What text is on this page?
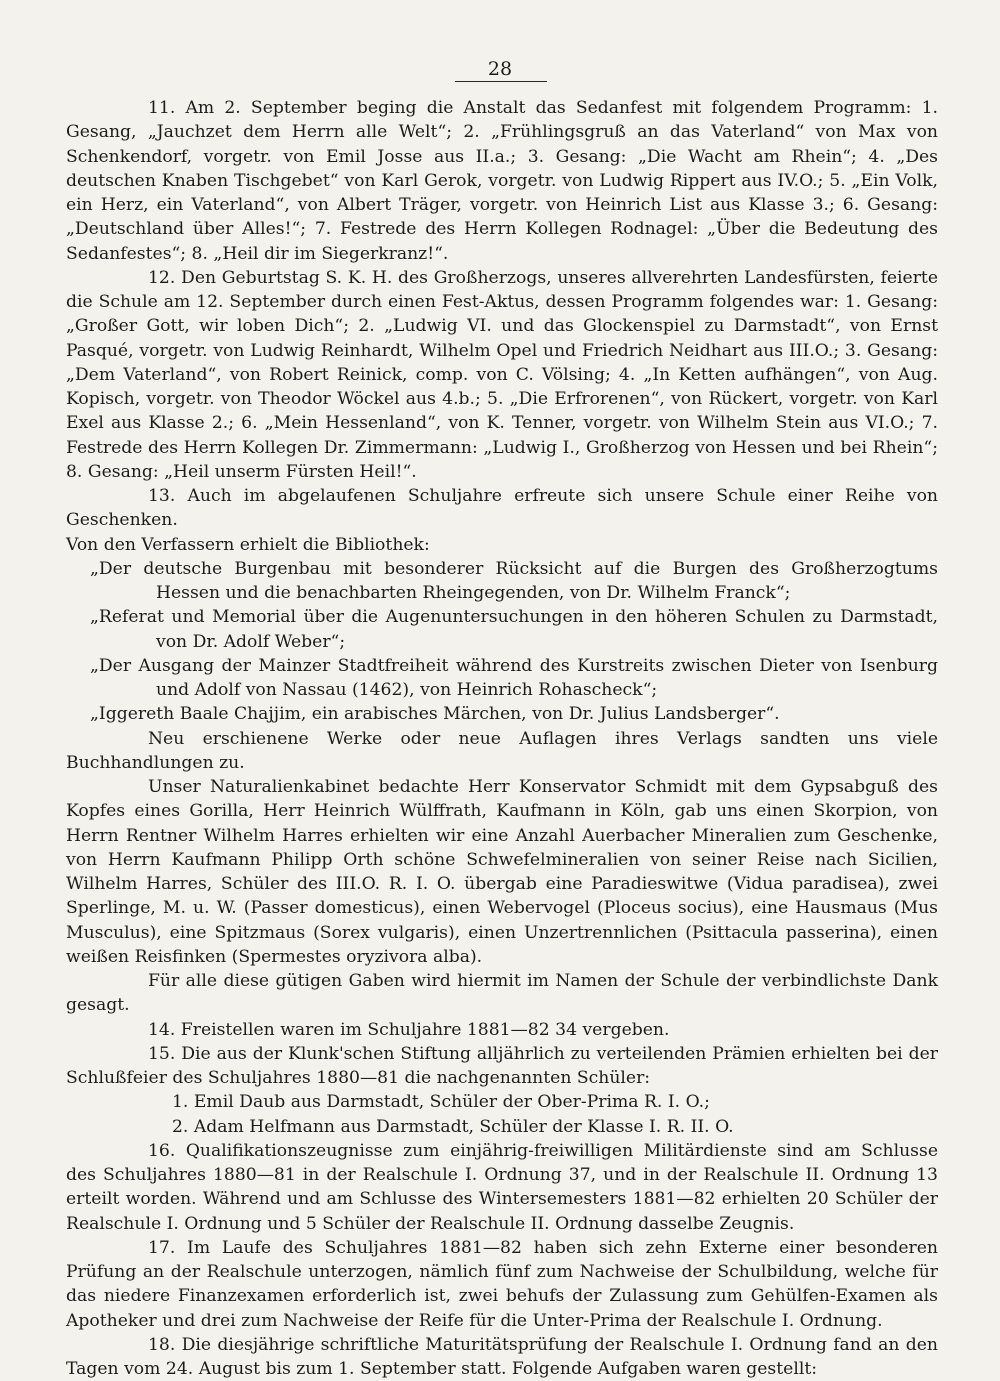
28

11. Am 2. September beging die Anstalt das Sedanfest mit folgendem Programm: 1. Gesang, „Jauchzet dem Herrn alle Welt“; 2. „Frühlingsgruß an das Vaterland“ von Max von Schenkendorf, vorgetr. von Emil Josse aus II.a.; 3. Gesang: „Die Wacht am Rhein“; 4. „Des deutschen Knaben Tischgebet“ von Karl Gerok, vorgetr. von Ludwig Rippert aus IV.O.; 5. „Ein Volk, ein Herz, ein Vaterland“, von Albert Träger, vorgetr. von Heinrich List aus Klasse 3.; 6. Gesang: „Deutschland über Alles!“; 7. Festrede des Herrn Kollegen Rodnagel: „Über die Bedeutung des Sedanfestes“; 8. „Heil dir im Siegerkranz!“.

12. Den Geburtstag S. K. H. des Großherzogs, unseres allverehrten Landesfürsten, feierte die Schule am 12. September durch einen Fest-Aktus, dessen Programm folgendes war: 1. Gesang: „Großer Gott, wir loben Dich“; 2. „Ludwig VI. und das Glockenspiel zu Darmstadt“, von Ernst Pasqué, vorgetr. von Ludwig Reinhardt, Wilhelm Opel und Friedrich Neidhart aus III.O.; 3. Gesang: „Dem Vaterland“, von Robert Reinick, comp. von C. Völsing; 4. „In Ketten aufhängen“, von Aug. Kopisch, vorgetr. von Theodor Wöckel aus 4.b.; 5. „Die Erfrorenen“, von Rückert, vorgetr. von Karl Exel aus Klasse 2.; 6. „Mein Hessenland“, von K. Tenner, vorgetr. von Wilhelm Stein aus VI.O.; 7. Festrede des Herrn Kollegen Dr. Zimmermann: „Ludwig I., Großherzog von Hessen und bei Rhein“; 8. Gesang: „Heil unserm Fürsten Heil!“.

13. Auch im abgelaufenen Schuljahre erfreute sich unsere Schule einer Reihe von Geschenken.

Von den Verfassern erhielt die Bibliothek:

„Der deutsche Burgenbau mit besonderer Rücksicht auf die Burgen des Großherzogtums Hessen und die benachbarten Rheingegenden, von Dr. Wilhelm Franck“;

„Referat und Memorial über die Augenuntersuchungen in den höheren Schulen zu Darmstadt, von Dr. Adolf Weber“;

„Der Ausgang der Mainzer Stadtfreiheit während des Kurstreits zwischen Dieter von Isenburg und Adolf von Nassau (1462), von Heinrich Rohascheck“;

„Iggereth Baale Chajjim, ein arabisches Märchen, von Dr. Julius Landsberger“.

Neu erschienene Werke oder neue Auflagen ihres Verlags sandten uns viele Buchhandlungen zu.

Unser Naturalienkabinet bedachte Herr Konservator Schmidt mit dem Gypsabguß des Kopfes eines Gorilla, Herr Heinrich Wülffrath, Kaufmann in Köln, gab uns einen Skorpion, von Herrn Rentner Wilhelm Harres erhielten wir eine Anzahl Auerbacher Mineralien zum Geschenke, von Herrn Kaufmann Philipp Orth schöne Schwefelmineralien von seiner Reise nach Sicilien, Wilhelm Harres, Schüler des III.O. R. I. O. übergab eine Paradieswitwe (Vidua paradisea), zwei Sperlinge, M. u. W. (Passer domesticus), einen Webervogel (Ploceus socius), eine Hausmaus (Mus Musculus), eine Spitzmaus (Sorex vulgaris), einen Unzertrennlichen (Psittacula passerina), einen weißen Reisfinken (Spermestes oryzivora alba).

Für alle diese gütigen Gaben wird hiermit im Namen der Schule der verbindlichste Dank gesagt.

14. Freistellen waren im Schuljahre 1881—82 34 vergeben.

15. Die aus der Klunk'schen Stiftung alljährlich zu verteilenden Prämien erhielten bei der Schlußfeier des Schuljahres 1880—81 die nachgenannten Schüler:

1. Emil Daub aus Darmstadt, Schüler der Ober-Prima R. I. O.;

2. Adam Helfmann aus Darmstadt, Schüler der Klasse I. R. II. O.

16. Qualifikationszeugnisse zum einjährig-freiwilligen Militärdienste sind am Schlusse des Schuljahres 1880—81 in der Realschule I. Ordnung 37, und in der Realschule II. Ordnung 13 erteilt worden. Während und am Schlusse des Wintersemesters 1881—82 erhielten 20 Schüler der Realschule I. Ordnung und 5 Schüler der Realschule II. Ordnung dasselbe Zeugnis.

17. Im Laufe des Schuljahres 1881—82 haben sich zehn Externe einer besonderen Prüfung an der Realschule unterzogen, nämlich fünf zum Nachweise der Schulbildung, welche für das niedere Finanzexamen erforderlich ist, zwei behufs der Zulassung zum Gehülfen-Examen als Apotheker und drei zum Nachweise der Reife für die Unter-Prima der Realschule I. Ordnung.

18. Die diesjährige schriftliche Maturitätsprüfung der Realschule I. Ordnung fand an den Tagen vom 24. August bis zum 1. September statt. Folgende Aufgaben waren gestellt:
